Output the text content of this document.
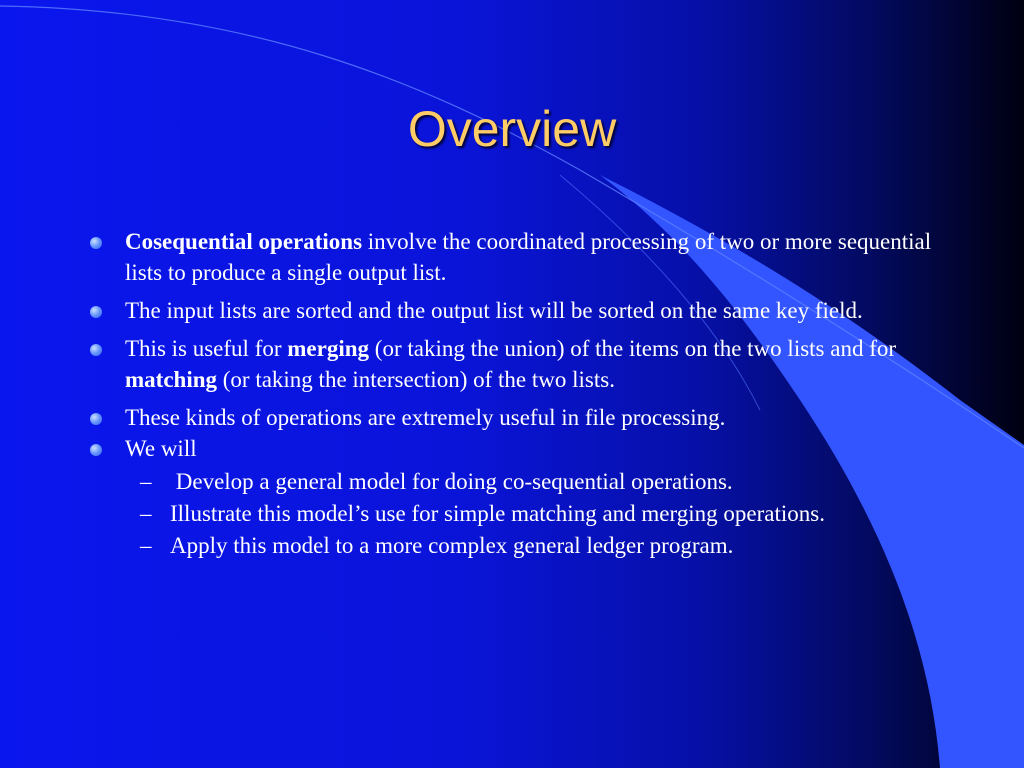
Overview
Cosequential operations involve the coordinated processing of two or more sequential lists to produce a single output list.
The input lists are sorted and the output list will be sorted on the same key field.
This is useful for merging (or taking the union) of the items on the two lists and for matching (or taking the intersection) of the two lists.
These kinds of operations are extremely useful in file processing.
We will
– Develop a general model for doing co-sequential operations.
– Illustrate this model’s use for simple matching and merging operations.
– Apply this model to a more complex general ledger program.
